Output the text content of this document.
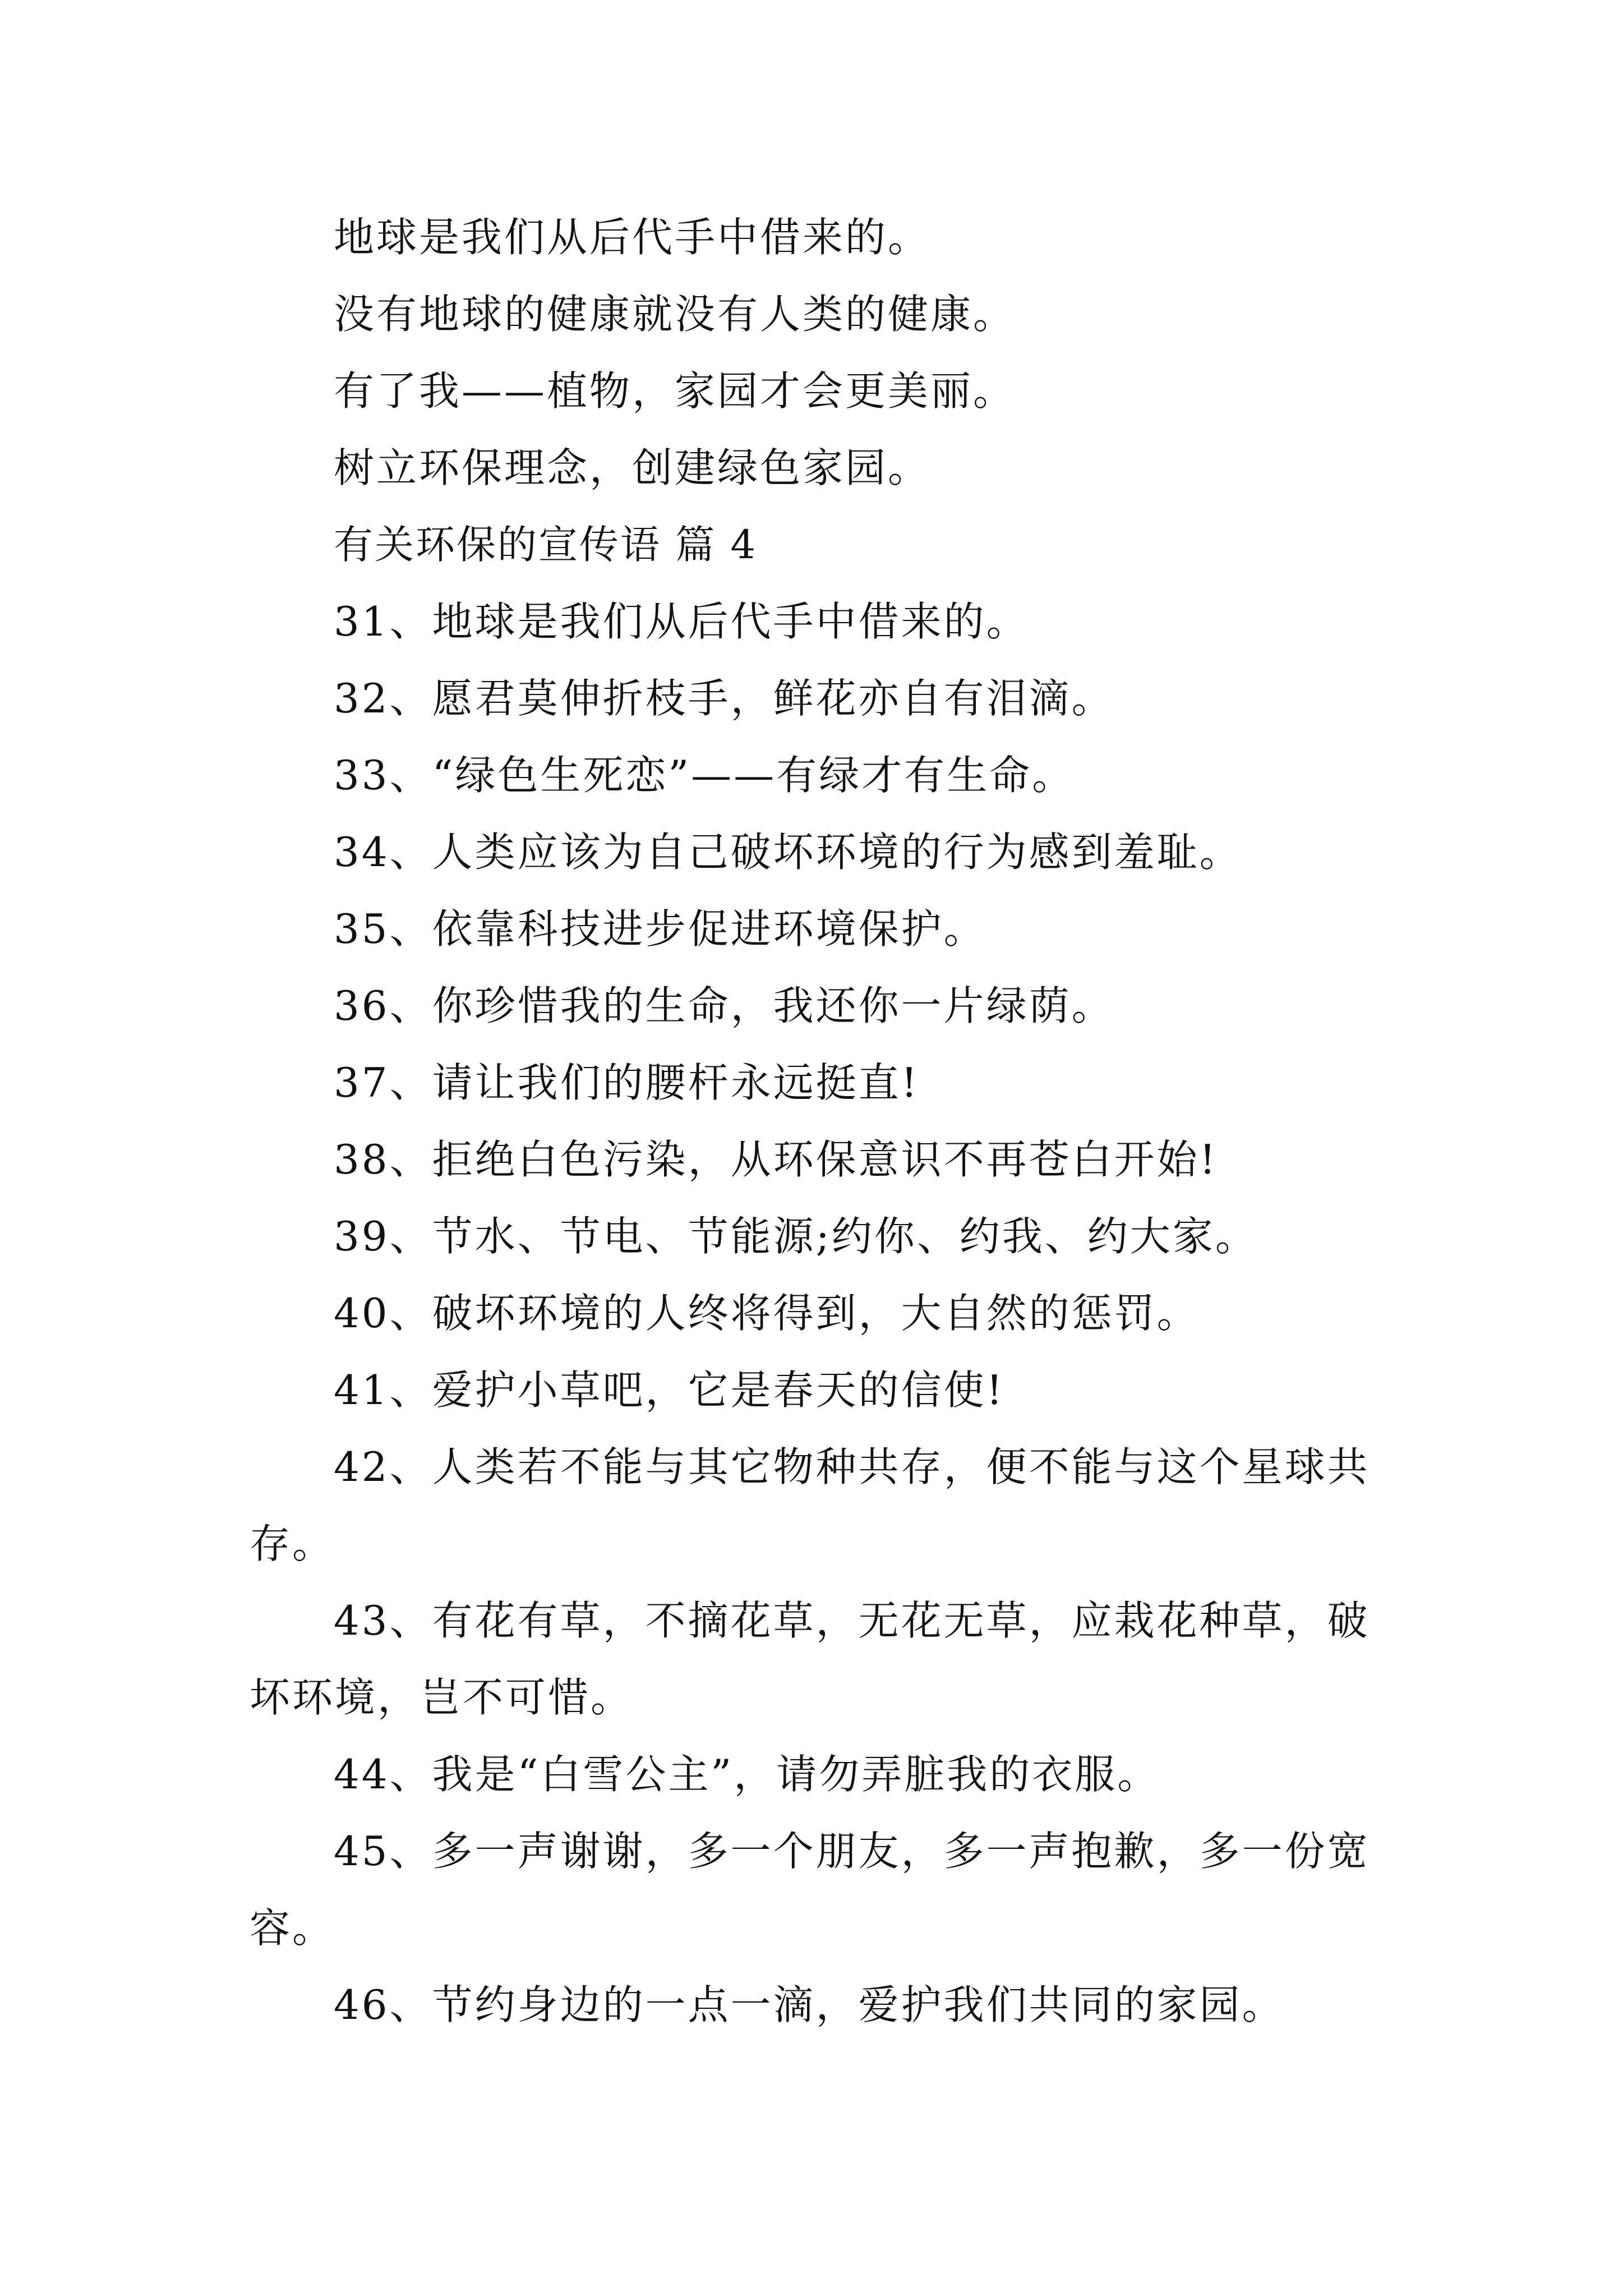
地球是我们从后代手中借来的。

没有地球的健康就没有人类的健康。

有了我——植物，家园才会更美丽。

树立环保理念，创建绿色家园。

有关环保的宣传语 篇 4

31、地球是我们从后代手中借来的。

32、愿君莫伸折枝手，鲜花亦自有泪滴。

33、“绿色生死恋”——有绿才有生命。

34、人类应该为自己破坏环境的行为感到羞耻。

35、依靠科技进步促进环境保护。

36、你珍惜我的生命，我还你一片绿荫。

37、请让我们的腰杆永远挺直!

38、拒绝白色污染，从环保意识不再苍白开始!

39、节水、节电、节能源;约你、约我、约大家。

40、破坏环境的人终将得到，大自然的惩罚。

41、爱护小草吧，它是春天的信使!

42、人类若不能与其它物种共存，便不能与这个星球共存。

43、有花有草，不摘花草，无花无草，应栽花种草，破坏环境，岂不可惜。

44、我是“白雪公主”，请勿弄脏我的衣服。

45、多一声谢谢，多一个朋友，多一声抱歉，多一份宽容。

46、节约身边的一点一滴，爱护我们共同的家园。
